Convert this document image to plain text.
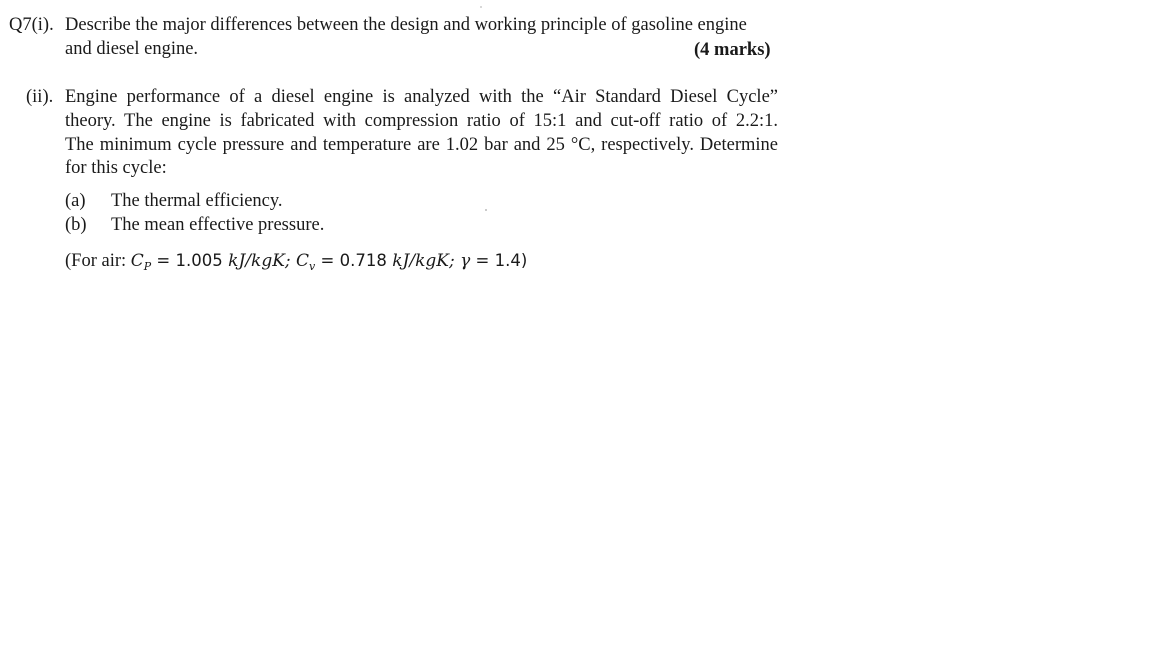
Q7(i). Describe the major differences between the design and working principle of gasoline engine
and diesel engine.	(4 marks)
(ii). Engine performance of a diesel engine is analyzed with the “Air Standard Diesel Cycle”
theory. The engine is fabricated with compression ratio of 15:1 and cut-off ratio of 2.2:1.
The minimum cycle pressure and temperature are 1.02 bar and 25 °C, respectively. Determine
for this cycle:
(a) The thermal efficiency.
(b) The mean effective pressure.
(For air: $C_P = 1.005$ kJ/kgK; $C_v = 0.718$ kJ/kgK; γ = 1.4)
